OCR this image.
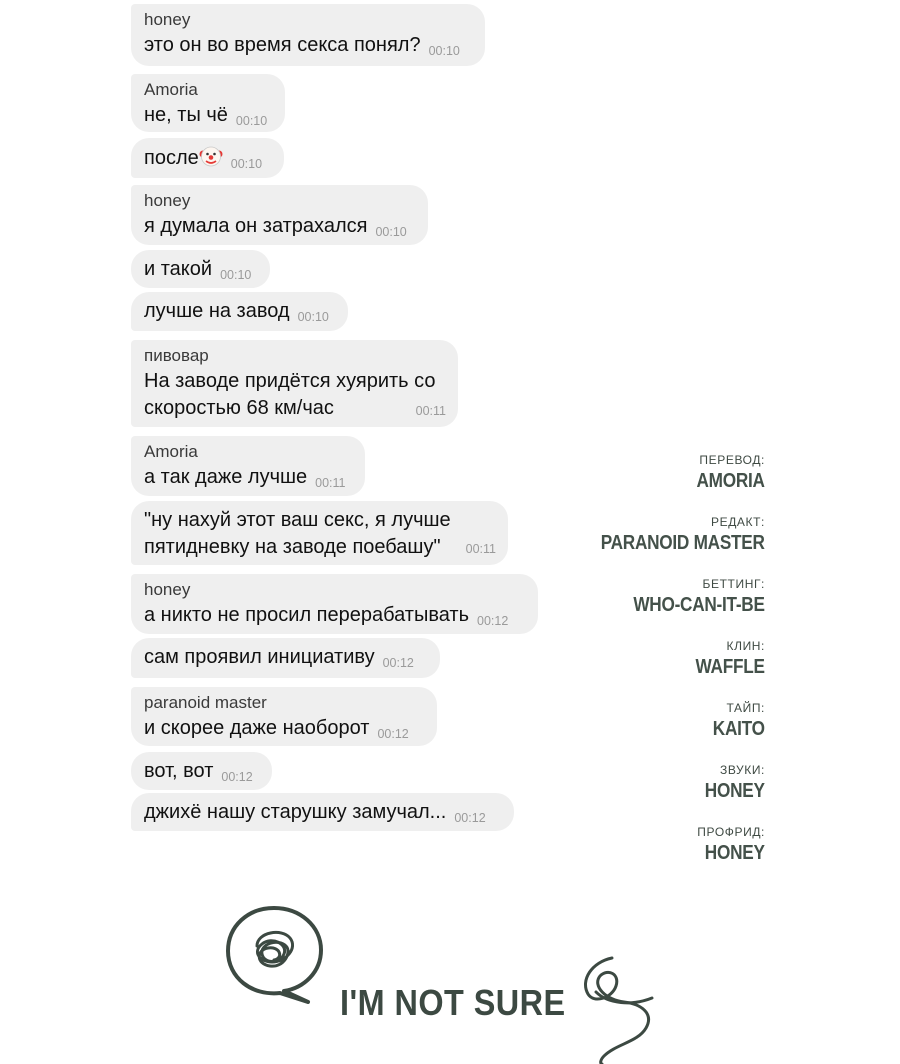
honey
это он во время секса понял? 00:10
Amoria
не, ты чё 00:10
после	00:10
honey
я думала он затрахался 00:10
и такой 00:10
лучше на завод 00:10
пивовар
На заводе придётся хуярить со
скоростью 68 км/час	00:11
Amoria
а так даже лучше 00:11
"ну нахуй этот ваш секс, я лучше
пятидневку на заводе поебашу"	00:11
honey
а никто не просил перерабатывать 00:12
сам проявил инициативу 00:12
paranoid master
и скорее даже наоборот 00:12
вот, вот 00:12
джихё нашу старушку замучал... 00:12
ПЕРЕВОД:
AMORIA
РЕДАКТ:
PARANOID MASTER
БЕТТИНГ:
WHO-CAN-IT-BE
КЛИН:
WAFFLE
ТАЙП:
KAITO
ЗВУКИ:
HONEY
ПРОФРИД:
HONEY
I'M NOT SURE
